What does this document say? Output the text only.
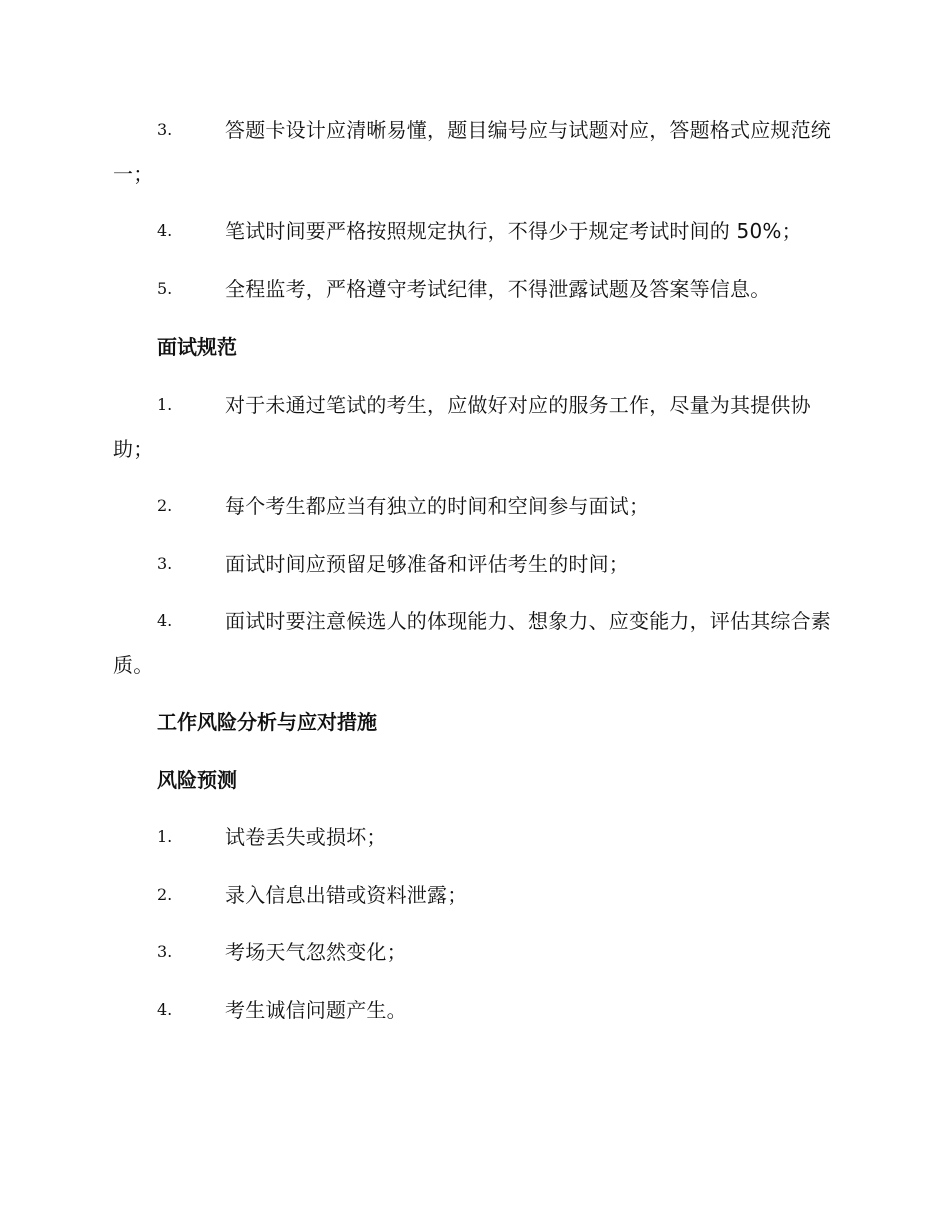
3.	答题卡设计应清晰易懂，题目编号应与试题对应，答题格式应规范统一；

4.	笔试时间要严格按照规定执行，不得少于规定考试时间的 50%；

5.	全程监考，严格遵守考试纪律，不得泄露试题及答案等信息。

面试规范

1.	对于未通过笔试的考生，应做好对应的服务工作，尽量为其提供协助；

2.	每个考生都应当有独立的时间和空间参与面试；

3.	面试时间应预留足够准备和评估考生的时间；

4.	面试时要注意候选人的体现能力、想象力、应变能力，评估其综合素质。

工作风险分析与应对措施
风险预测

1.	试卷丢失或损坏；

2.	录入信息出错或资料泄露；

3.	考场天气忽然变化；

4.	考生诚信问题产生。
